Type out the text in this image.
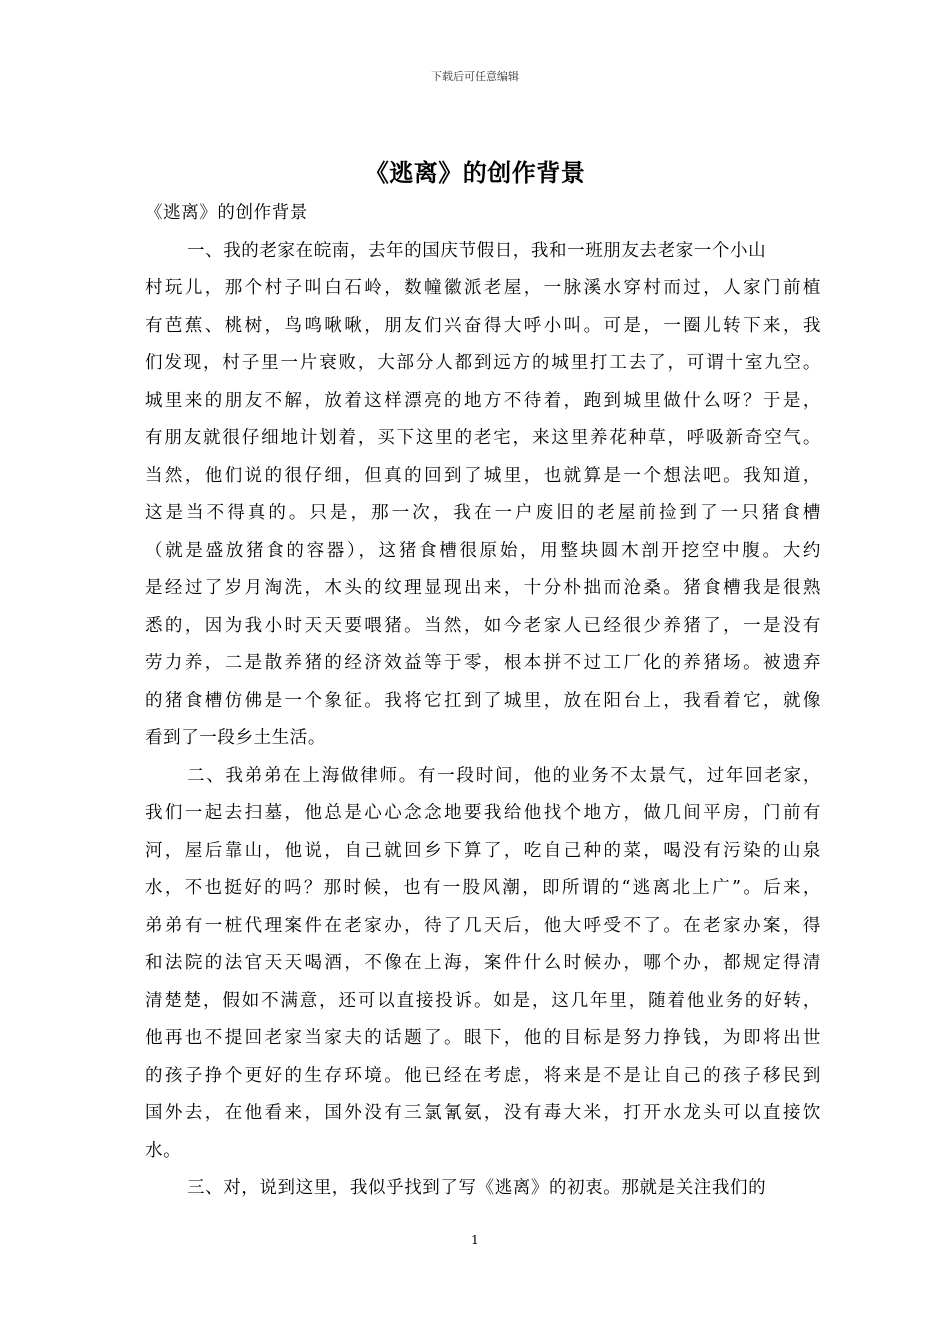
下载后可任意编辑
《逃离》的创作背景
《逃离》的创作背景
一、我的老家在皖南，去年的国庆节假日，我和一班朋友去老家一个小山
村玩儿，那个村子叫白石岭，数幢徽派老屋，一脉溪水穿村而过，人家门前植
有芭蕉、桃树，鸟鸣啾啾，朋友们兴奋得大呼小叫。可是，一圈儿转下来，我
们发现，村子里一片衰败，大部分人都到远方的城里打工去了，可谓十室九空。
城里来的朋友不解，放着这样漂亮的地方不待着，跑到城里做什么呀？于是，
有朋友就很仔细地计划着，买下这里的老宅，来这里养花种草，呼吸新奇空气。
当然，他们说的很仔细，但真的回到了城里，也就算是一个想法吧。我知道，
这是当不得真的。只是，那一次，我在一户废旧的老屋前捡到了一只猪食槽
（就是盛放猪食的容器），这猪食槽很原始，用整块圆木剖开挖空中腹。大约
是经过了岁月淘洗，木头的纹理显现出来，十分朴拙而沧桑。猪食槽我是很熟
悉的，因为我小时天天要喂猪。当然，如今老家人已经很少养猪了，一是没有
劳力养，二是散养猪的经济效益等于零，根本拼不过工厂化的养猪场。被遗弃
的猪食槽仿佛是一个象征。我将它扛到了城里，放在阳台上，我看着它，就像
看到了一段乡土生活。
二、我弟弟在上海做律师。有一段时间，他的业务不太景气，过年回老家，
我们一起去扫墓，他总是心心念念地要我给他找个地方，做几间平房，门前有
河，屋后靠山，他说，自己就回乡下算了，吃自己种的菜，喝没有污染的山泉
水，不也挺好的吗？那时候，也有一股风潮，即所谓的“逃离北上广”。后来，
弟弟有一桩代理案件在老家办，待了几天后，他大呼受不了。在老家办案，得
和法院的法官天天喝酒，不像在上海，案件什么时候办，哪个办，都规定得清
清楚楚，假如不满意，还可以直接投诉。如是，这几年里，随着他业务的好转，
他再也不提回老家当家夫的话题了。眼下，他的目标是努力挣钱，为即将出世
的孩子挣个更好的生存环境。他已经在考虑，将来是不是让自己的孩子移民到
国外去，在他看来，国外没有三氯氰氨，没有毒大米，打开水龙头可以直接饮
水。
三、对，说到这里，我似乎找到了写《逃离》的初衷。那就是关注我们的
1
